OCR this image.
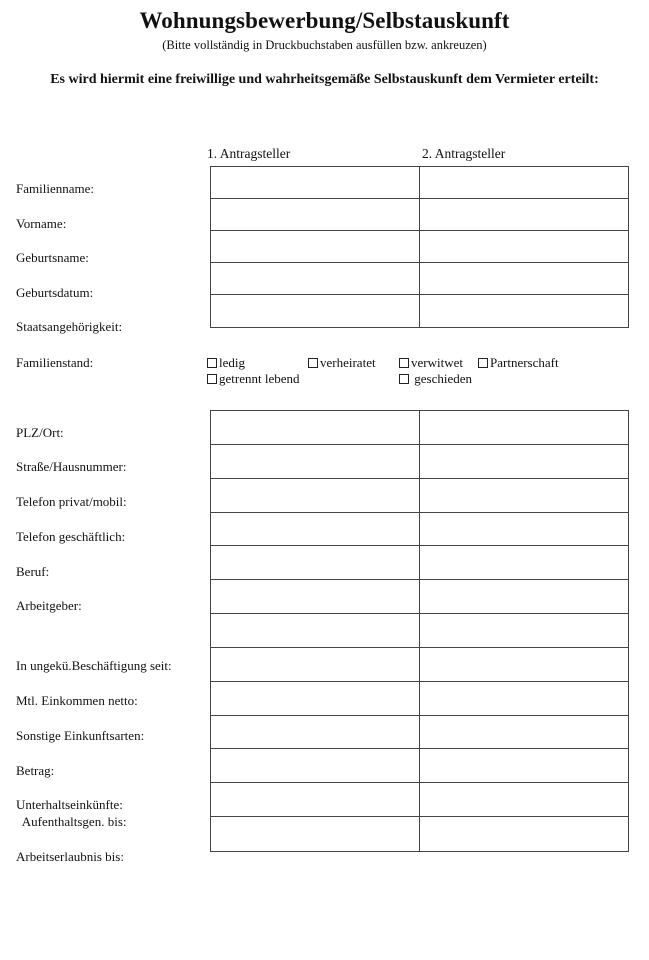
Wohnungsbewerbung/Selbstauskunft
(Bitte vollständig in Druckbuchstaben ausfüllen bzw. ankreuzen)
Es wird hiermit eine freiwillige und wahrheitsgemäße Selbstauskunft dem Vermieter erteilt:
1. Antragsteller	2. Antragsteller
Familienname:
Vorname:
Geburtsname:
Geburtsdatum:
Staatsangehörigkeit:
Familienstand:	ledig	verheiratet	verwitwet Partnerschaft
getrennt lebend	geschieden
PLZ/Ort:
Straße/Hausnummer:
Telefon privat/mobil:
Telefon geschäftlich:
Beruf:
Arbeitgeber:
In ungekü.Beschäftigung seit:
Mtl. Einkommen netto:
Sonstige Einkunftsarten:
Betrag:
Unterhaltseinkünfte:
Aufenthaltsgen. bis:
Arbeitserlaubnis bis:
